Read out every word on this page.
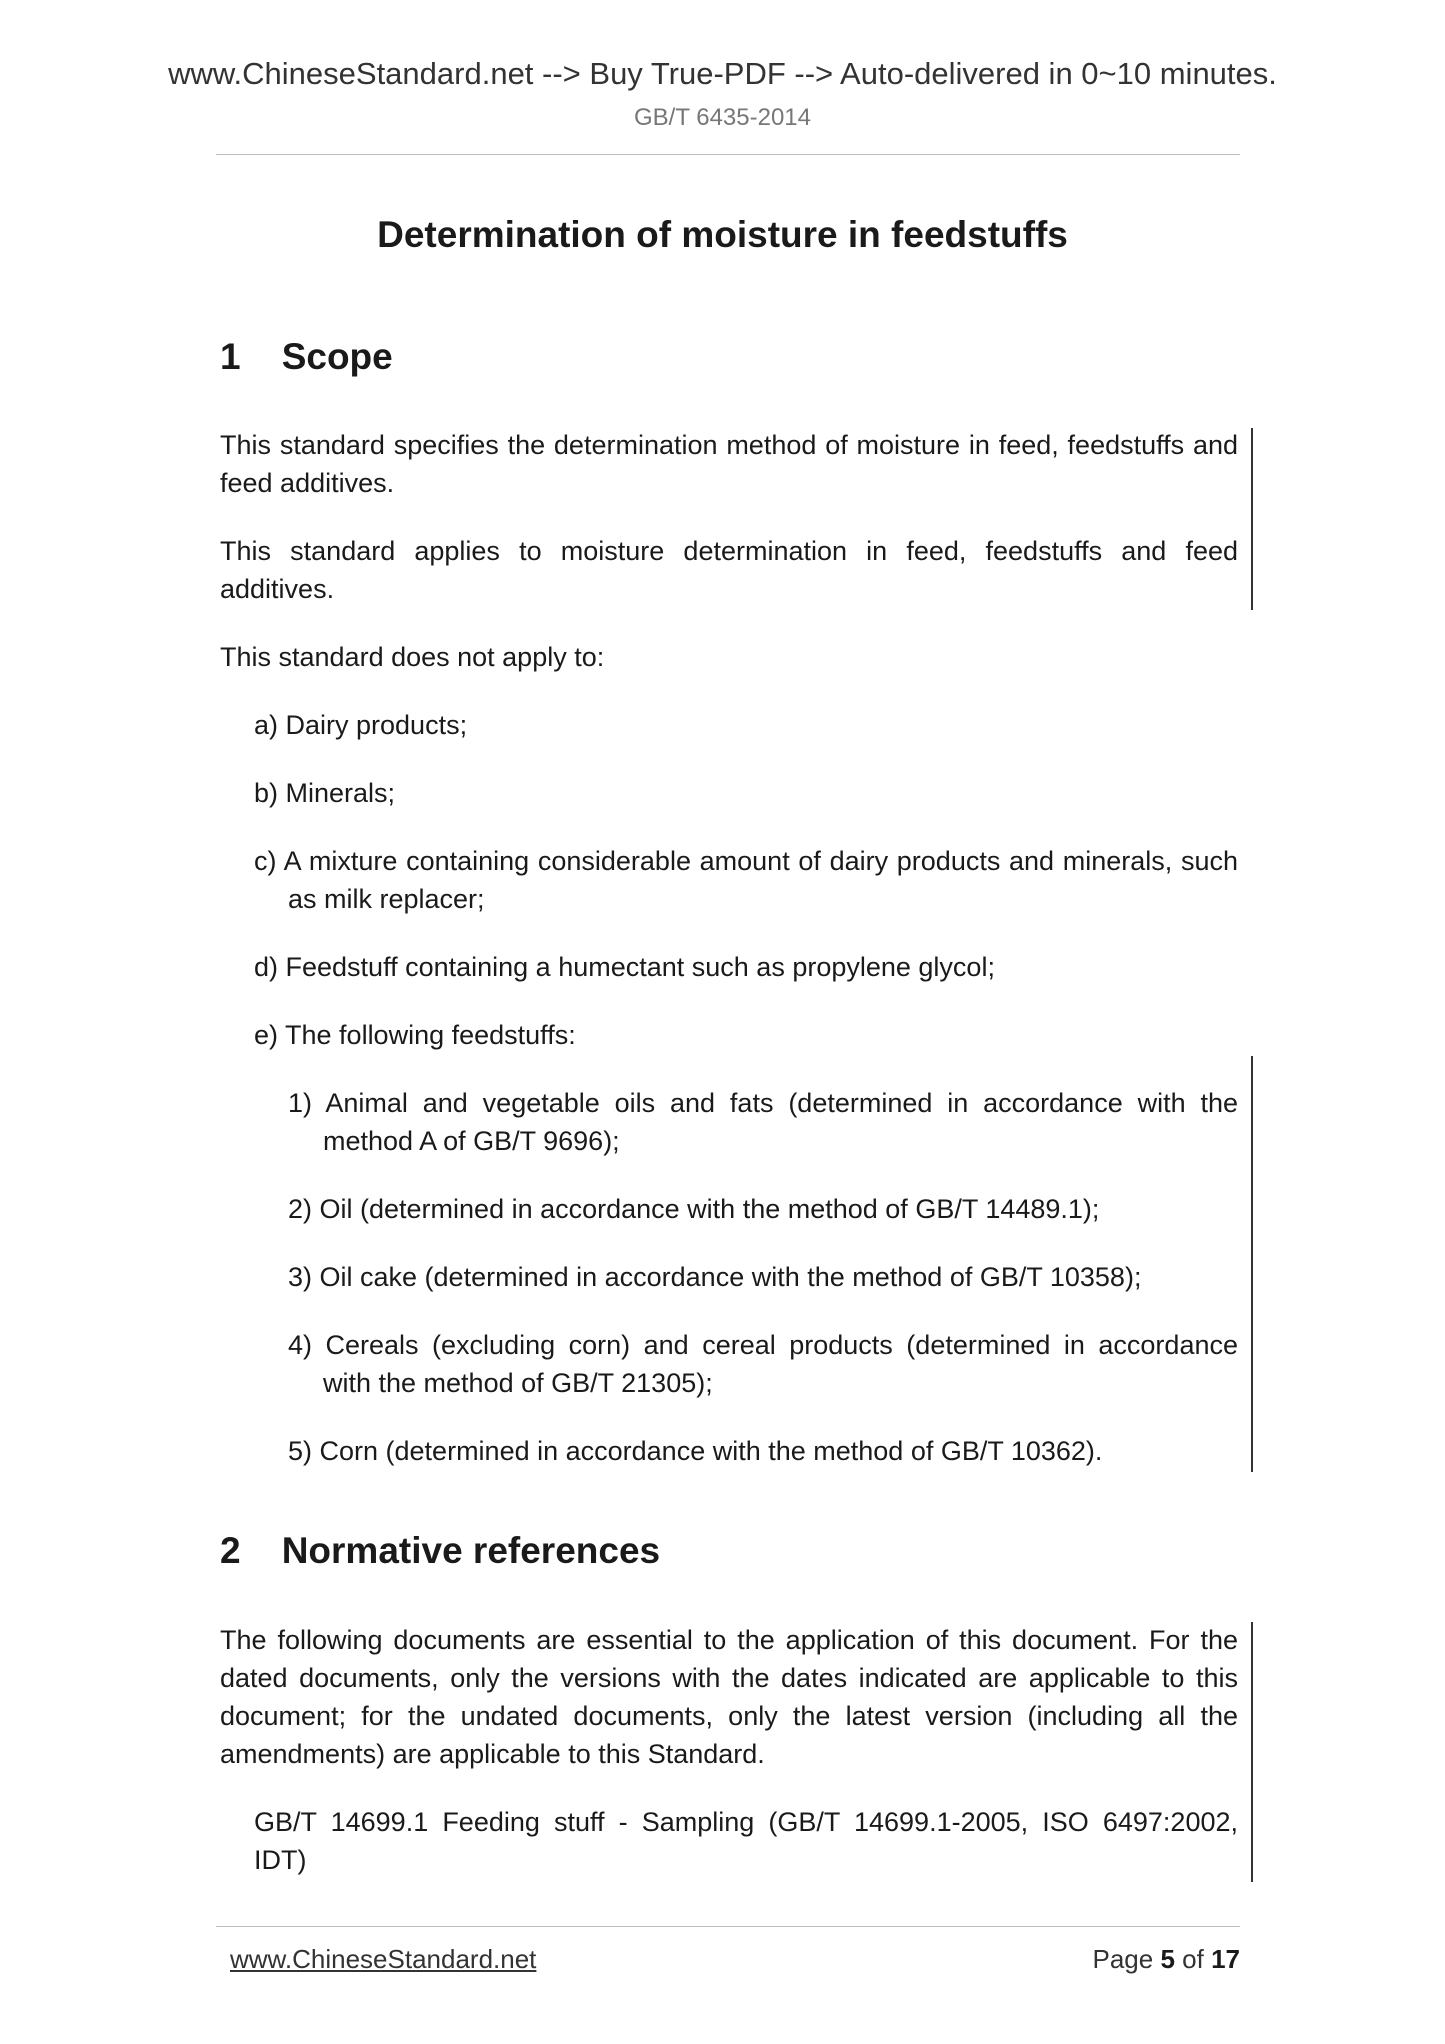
www.ChineseStandard.net --> Buy True-PDF --> Auto-delivered in 0~10 minutes.
GB/T 6435-2014
Determination of moisture in feedstuffs
1    Scope
This standard specifies the determination method of moisture in feed, feedstuffs and feed additives.
This standard applies to moisture determination in feed, feedstuffs and feed additives.
This standard does not apply to:
a) Dairy products;
b) Minerals;
c) A mixture containing considerable amount of dairy products and minerals, such as milk replacer;
d) Feedstuff containing a humectant such as propylene glycol;
e) The following feedstuffs:
1) Animal and vegetable oils and fats (determined in accordance with the method A of GB/T 9696);
2) Oil (determined in accordance with the method of GB/T 14489.1);
3) Oil cake (determined in accordance with the method of GB/T 10358);
4) Cereals (excluding corn) and cereal products (determined in accordance with the method of GB/T 21305);
5) Corn (determined in accordance with the method of GB/T 10362).
2    Normative references
The following documents are essential to the application of this document. For the dated documents, only the versions with the dates indicated are applicable to this document; for the undated documents, only the latest version (including all the amendments) are applicable to this Standard.
GB/T 14699.1 Feeding stuff - Sampling (GB/T 14699.1-2005, ISO 6497:2002, IDT)
www.ChineseStandard.net	Page 5 of 17
